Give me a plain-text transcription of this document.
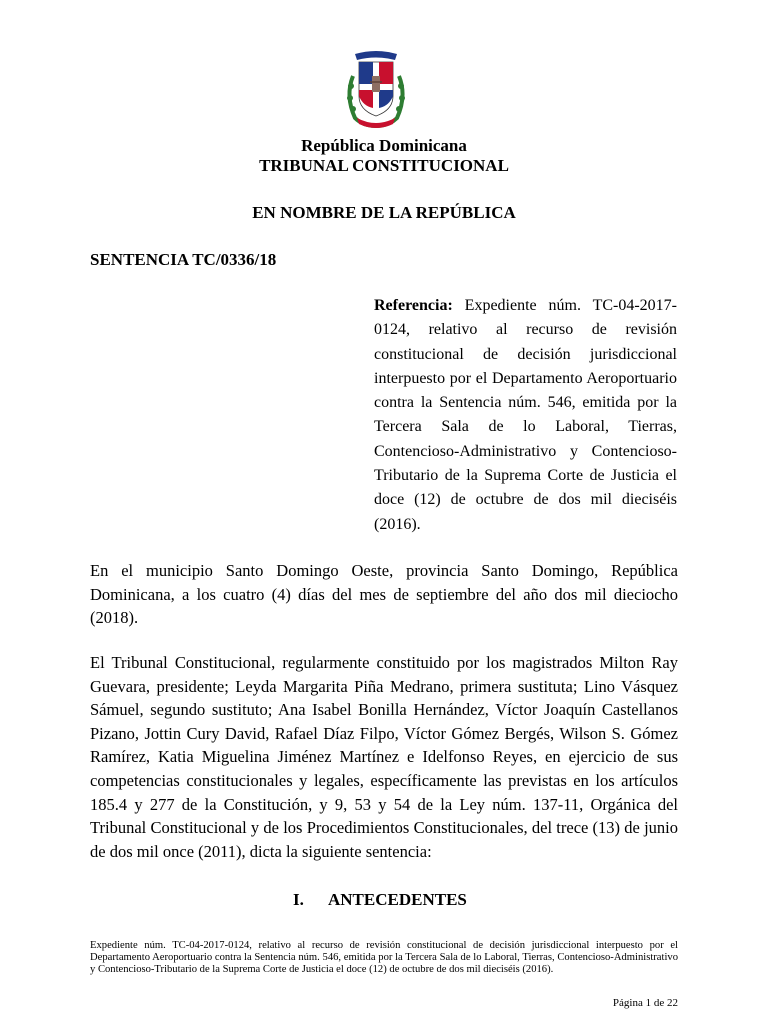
República Dominicana
TRIBUNAL CONSTITUCIONAL
EN NOMBRE DE LA REPÚBLICA
SENTENCIA TC/0336/18
Referencia: Expediente núm. TC-04-2017-0124, relativo al recurso de revisión constitucional de decisión jurisdiccional interpuesto por el Departamento Aeroportuario contra la Sentencia núm. 546, emitida por la Tercera Sala de lo Laboral, Tierras, Contencioso-Administrativo y Contencioso-Tributario de la Suprema Corte de Justicia el doce (12) de octubre de dos mil dieciséis (2016).
En el municipio Santo Domingo Oeste, provincia Santo Domingo, República Dominicana, a los cuatro (4) días del mes de septiembre del año dos mil dieciocho (2018).
El Tribunal Constitucional, regularmente constituido por los magistrados Milton Ray Guevara, presidente; Leyda Margarita Piña Medrano, primera sustituta; Lino Vásquez Sámuel, segundo sustituto; Ana Isabel Bonilla Hernández, Víctor Joaquín Castellanos Pizano, Jottin Cury David, Rafael Díaz Filpo, Víctor Gómez Bergés, Wilson S. Gómez Ramírez, Katia Miguelina Jiménez Martínez e Idelfonso Reyes, en ejercicio de sus competencias constitucionales y legales, específicamente las previstas en los artículos 185.4 y 277 de la Constitución, y 9, 53 y 54 de la Ley núm. 137-11, Orgánica del Tribunal Constitucional y de los Procedimientos Constitucionales, del trece (13) de junio de dos mil once (2011), dicta la siguiente sentencia:
I. ANTECEDENTES
Expediente núm. TC-04-2017-0124, relativo al recurso de revisión constitucional de decisión jurisdiccional interpuesto por el Departamento Aeroportuario contra la Sentencia núm. 546, emitida por la Tercera Sala de lo Laboral, Tierras, Contencioso-Administrativo y Contencioso-Tributario de la Suprema Corte de Justicia el doce (12) de octubre de dos mil dieciséis (2016).
Página 1 de 22
